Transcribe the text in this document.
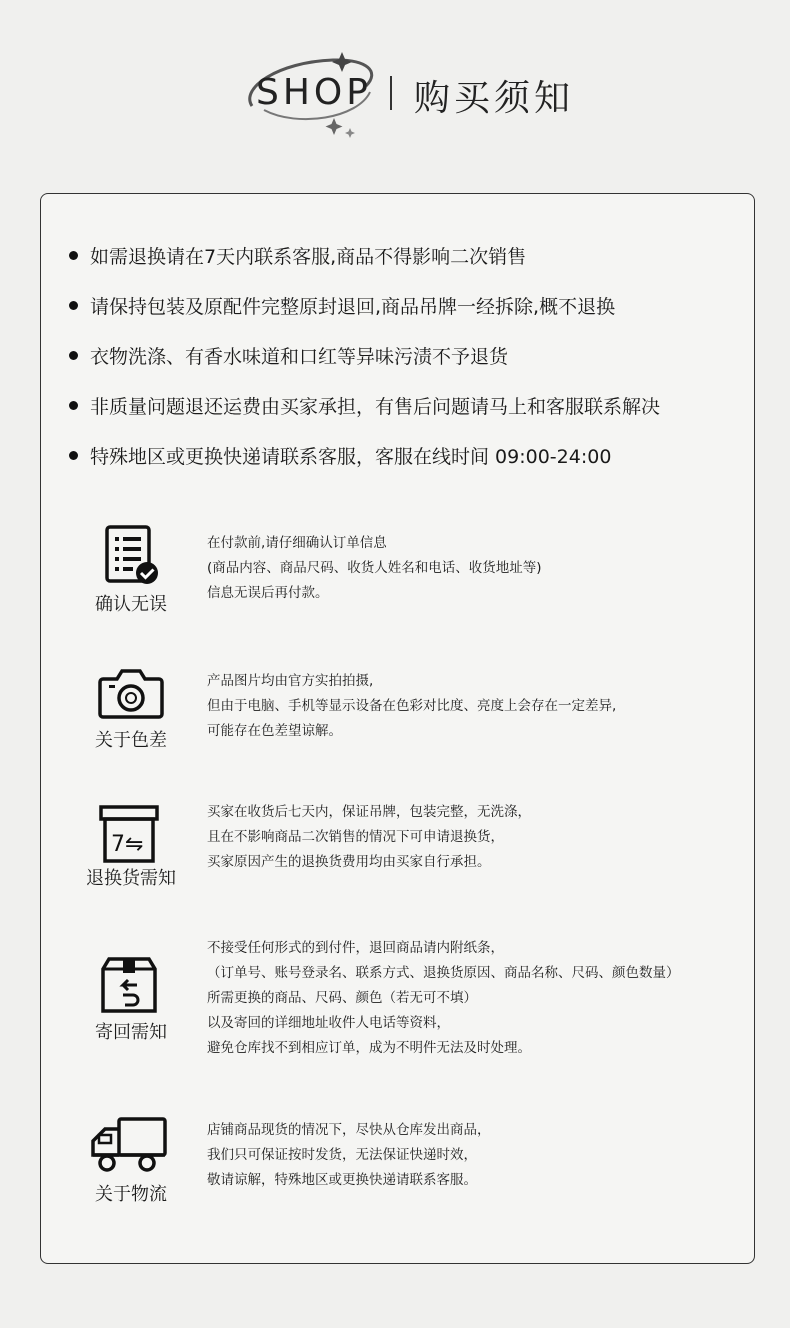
SHOP 购买须知
如需退换请在7天内联系客服,商品不得影响二次销售
请保持包装及原配件完整原封退回,商品吊牌一经拆除,概不退换
衣物洗涤、有香水味道和口红等异味污渍不予退货
非质量问题退还运费由买家承担，有售后问题请马上和客服联系解决
特殊地区或更换快递请联系客服，客服在线时间 09:00-24:00
确认无误

在付款前,请仔细确认订单信息

(商品内容、商品尺码、收货人姓名和电话、收货地址等)

信息无误后再付款。

关于色差

产品图片均由官方实拍拍摄,

但由于电脑、手机等显示设备在色彩对比度、亮度上会存在一定差异,

可能存在色差望谅解。

7⇋
退换货需知

买家在收货后七天内，保证吊牌，包装完整，无洗涤，

且在不影响商品二次销售的情况下可申请退换货，

买家原因产生的退换货费用均由买家自行承担。

寄回需知

不接受任何形式的到付件，退回商品请内附纸条，

（订单号、账号登录名、联系方式、退换货原因、商品名称、尺码、颜色数量）

所需更换的商品、尺码、颜色（若无可不填）

以及寄回的详细地址收件人电话等资料，

避免仓库找不到相应订单，成为不明件无法及时处理。

关于物流

店铺商品现货的情况下，尽快从仓库发出商品，

我们只可保证按时发货，无法保证快递时效，

敬请谅解，特殊地区或更换快递请联系客服。
